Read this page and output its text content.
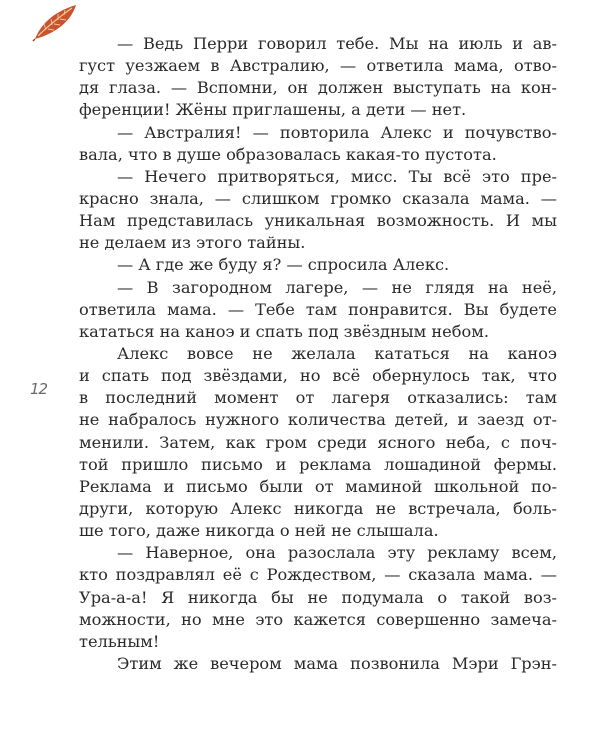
12
— Ведь Перри говорил тебе. Мы на июль и ав-
густ уезжаем в Австралию, — ответила мама, отво-
дя глаза. — Вспомни, он должен выступать на кон-
ференции! Жёны приглашены, а дети — нет.
— Австралия! — повторила Алекс и почувство-
вала, что в душе образовалась какая-то пустота.
— Нечего притворяться, мисс. Ты всё это пре-
красно знала, — слишком громко сказала мама. —
Нам представилась уникальная возможность. И мы
не делаем из этого тайны.
— А где же буду я? — спросила Алекс.
— В загородном лагере, — не глядя на неё,
ответила мама. — Тебе там понравится. Вы будете
кататься на каноэ и спать под звёздным небом.
Алекс вовсе не желала кататься на каноэ
и спать под звёздами, но всё обернулось так, что
в последний момент от лагеря отказались: там
не набралось нужного количества детей, и заезд от-
менили. Затем, как гром среди ясного неба, с поч-
той пришло письмо и реклама лошадиной фермы.
Реклама и письмо были от маминой школьной по-
други, которую Алекс никогда не встречала, боль-
ше того, даже никогда о ней не слышала.
— Наверное, она разослала эту рекламу всем,
кто поздравлял её с Рождеством, — сказала мама. —
Ура-а-а! Я никогда бы не подумала о такой воз-
можности, но мне это кажется совершенно замеча-
тельным!
Этим же вечером мама позвонила Мэри Грэн-
